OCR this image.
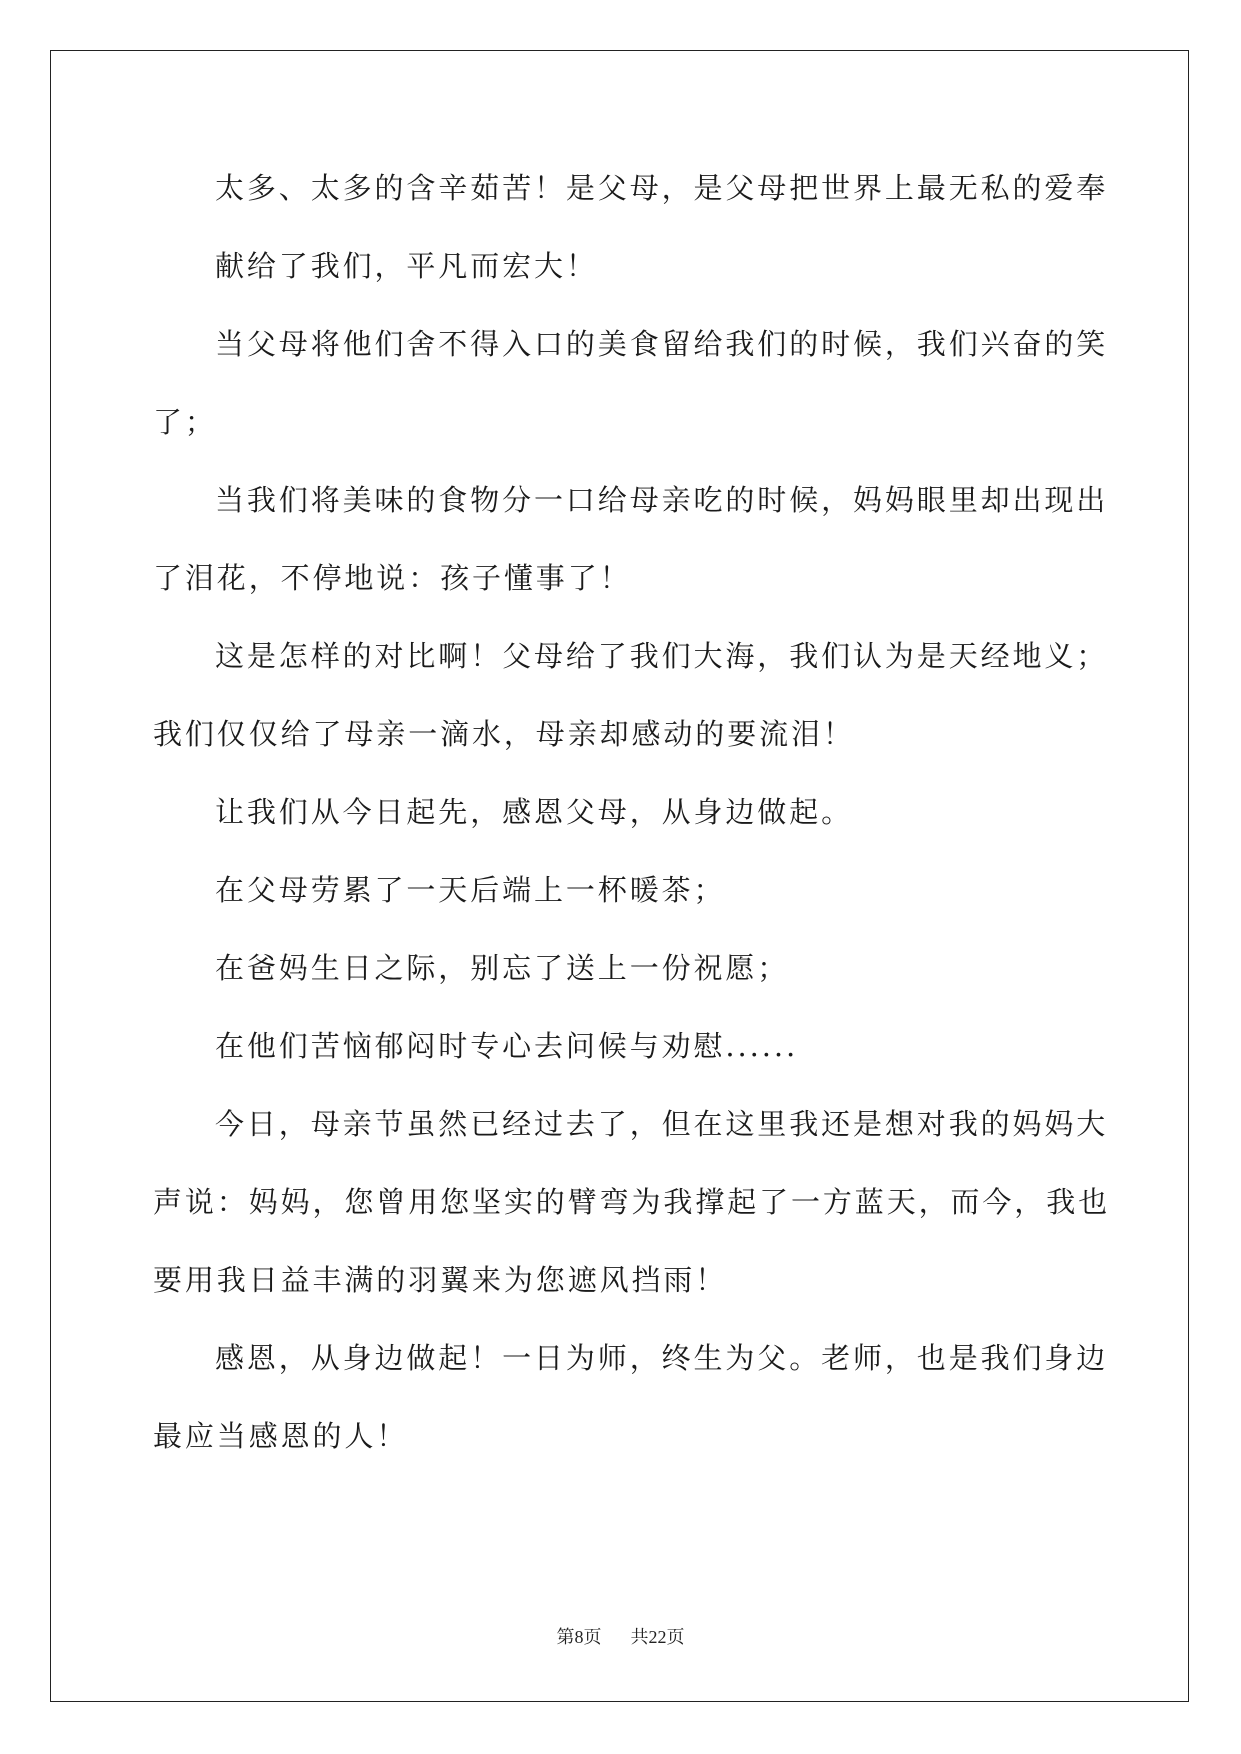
太多、太多的含辛茹苦！是父母，是父母把世界上最无私的爱奉
献给了我们，平凡而宏大！
当父母将他们舍不得入口的美食留给我们的时候，我们兴奋的笑
了；
当我们将美味的食物分一口给母亲吃的时候，妈妈眼里却出现出
了泪花，不停地说：孩子懂事了！
这是怎样的对比啊！父母给了我们大海，我们认为是天经地义；
我们仅仅给了母亲一滴水，母亲却感动的要流泪！
让我们从今日起先，感恩父母，从身边做起。
在父母劳累了一天后端上一杯暖茶；
在爸妈生日之际，别忘了送上一份祝愿；
在他们苦恼郁闷时专心去问候与劝慰......
今日，母亲节虽然已经过去了，但在这里我还是想对我的妈妈大
声说：妈妈，您曾用您坚实的臂弯为我撑起了一方蓝天，而今，我也
要用我日益丰满的羽翼来为您遮风挡雨！
感恩，从身边做起！一日为师，终生为父。老师，也是我们身边
最应当感恩的人！
第8页 共22页
